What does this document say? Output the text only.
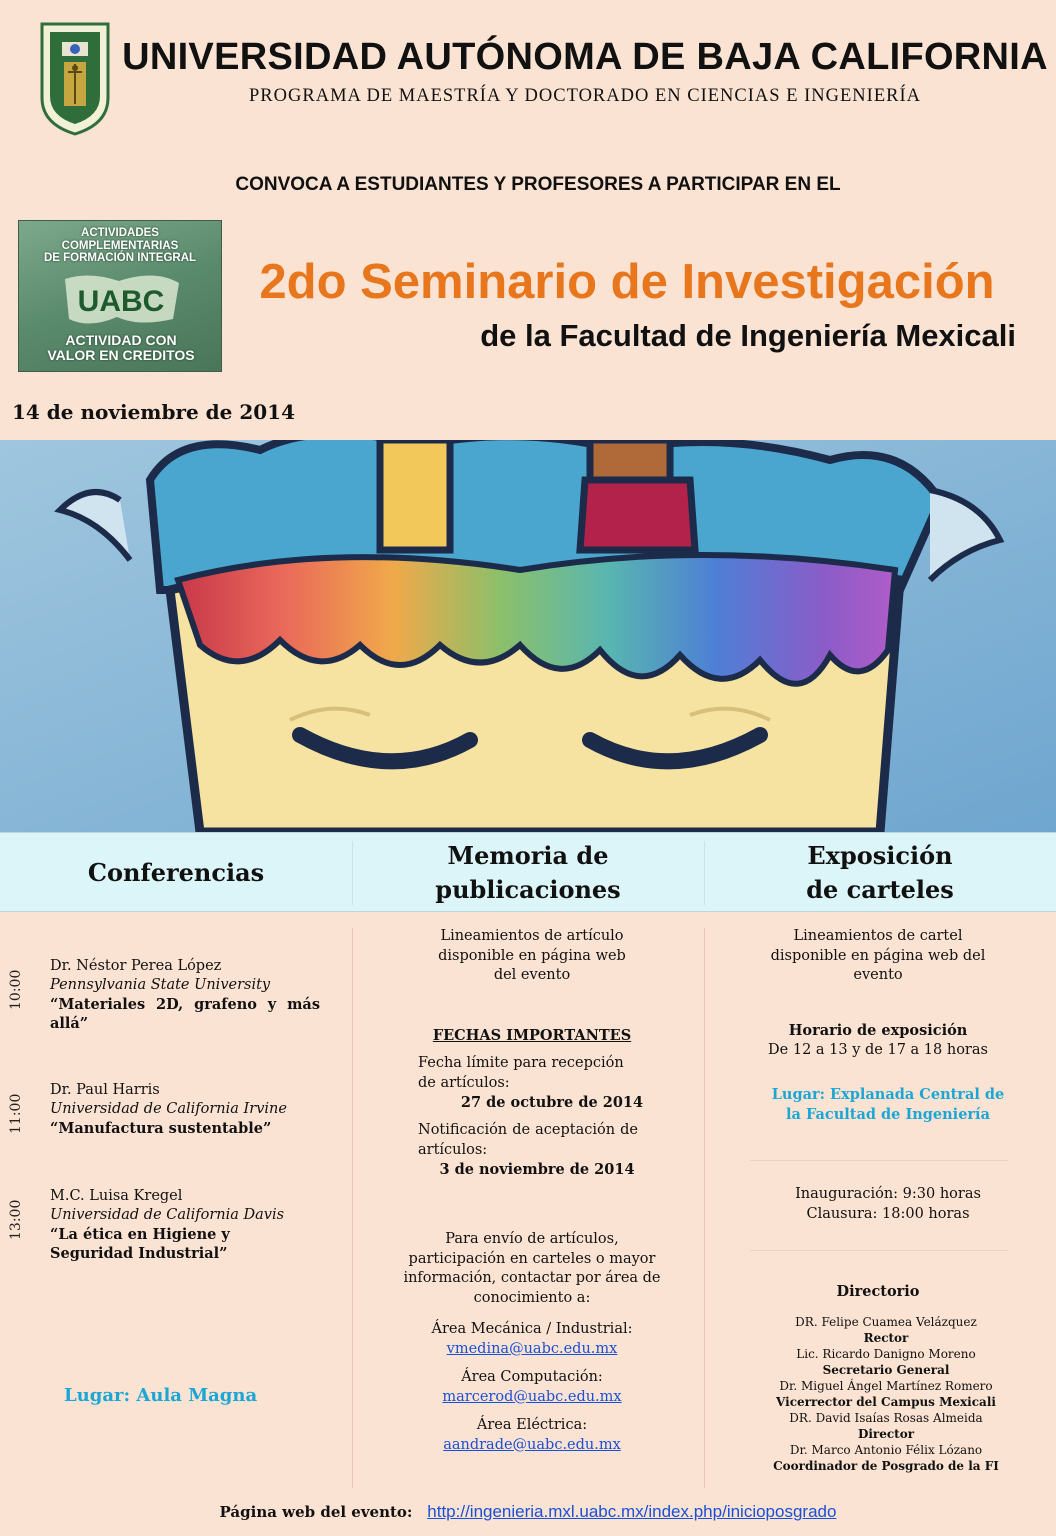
UNIVERSIDAD AUTÓNOMA DE BAJA CALIFORNIA
PROGRAMA DE MAESTRÍA Y DOCTORADO EN CIENCIAS E INGENIERÍA
CONVOCA A ESTUDIANTES Y PROFESORES A PARTICIPAR EN EL
ACTIVIDADES
COMPLEMENTARIAS
DE FORMACIÓN INTEGRAL
UABC
ACTIVIDAD CON
VALOR EN CREDITOS
2do Seminario de Investigación
de la Facultad de Ingeniería Mexicali
14 de noviembre de 2014
Conferencias
Memoria de
publicaciones
Exposición
de carteles
10:00
Dr. Néstor Perea López
Pennsylvania State University
“Materiales 2D, grafeno y más allá”
11:00
Dr. Paul Harris
Universidad de California Irvine
“Manufactura sustentable”
13:00
M.C. Luisa Kregel
Universidad de California Davis
“La ética en Higiene y Seguridad Industrial”
Lugar: Aula Magna
Lineamientos de artículo
disponible en página web
del evento
FECHAS IMPORTANTES
Fecha límite para recepción de artículos:
27 de octubre de 2014
Notificación de aceptación de artículos:
3 de noviembre de 2014
Para envío de artículos,
participación en carteles o mayor
información, contactar por área de
conocimiento a:
Área Mecánica / Industrial:
vmedina@uabc.edu.mx
Área Computación:
marcerod@uabc.edu.mx
Área Eléctrica:
aandrade@uabc.edu.mx
Lineamientos de cartel
disponible en página web del
evento
Horario de exposición
De 12 a 13 y de 17 a 18 horas
Lugar: Explanada Central de
la Facultad de Ingeniería
Inauguración: 9:30 horas
Clausura: 18:00 horas
Directorio
DR. Felipe Cuamea Velázquez
Rector
Lic. Ricardo Danigno Moreno
Secretario General
Dr. Miguel Ángel Martínez Romero
Vicerrector del Campus Mexicali
DR. David Isaías Rosas Almeida
Director
Dr. Marco Antonio Félix Lózano
Coordinador de Posgrado de la FI
Página web del evento: http://ingenieria.mxl.uabc.mx/index.php/inicioposgrado
